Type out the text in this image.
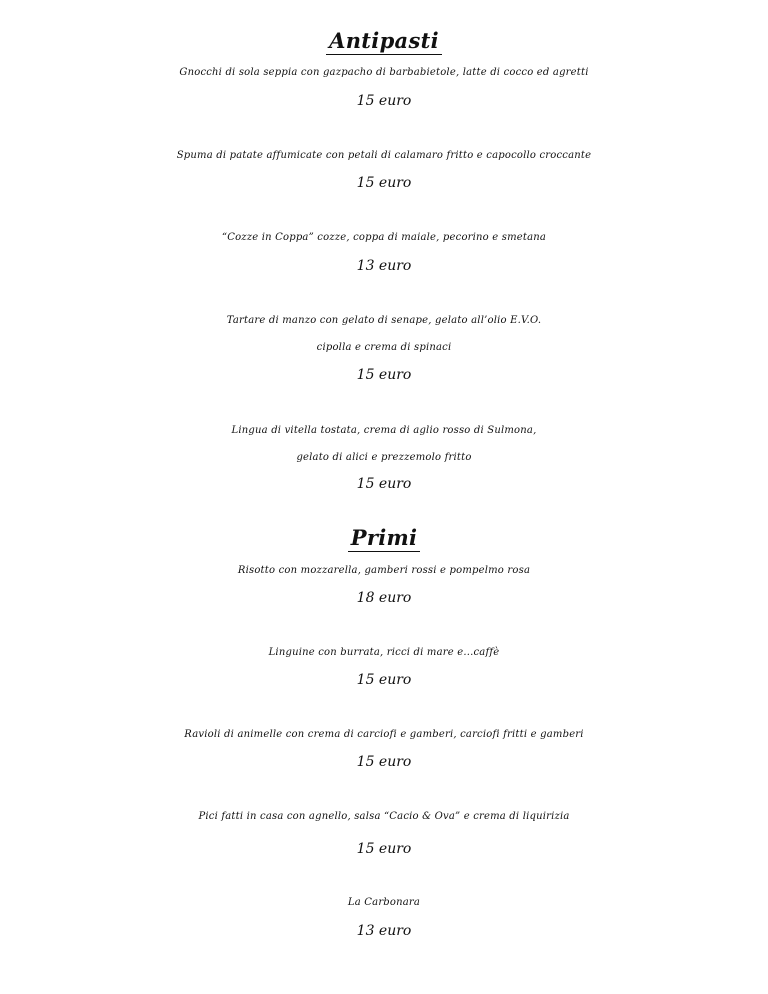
Antipasti
Gnocchi di sola seppia con gazpacho di barbabietole, latte di cocco ed agretti
15 euro
Spuma di patate affumicate con petali di calamaro fritto e capocollo croccante
15 euro
“Cozze in Coppa” cozze, coppa di maiale, pecorino e smetana
13 euro
Tartare di manzo con gelato di senape, gelato all’olio E.V.O.
cipolla e crema di spinaci
15 euro
Lingua di vitella tostata, crema di aglio rosso di Sulmona,
gelato di alici e prezzemolo fritto
15 euro
Primi
Risotto con mozzarella, gamberi rossi e pompelmo rosa
18 euro
Linguine con burrata, ricci di mare e...caffè
15 euro
Ravioli di animelle con crema di carciofi e gamberi, carciofi fritti e gamberi
15 euro
Pici fatti in casa con agnello, salsa “Cacio & Ova” e crema di liquirizia
15 euro
La Carbonara
13 euro
